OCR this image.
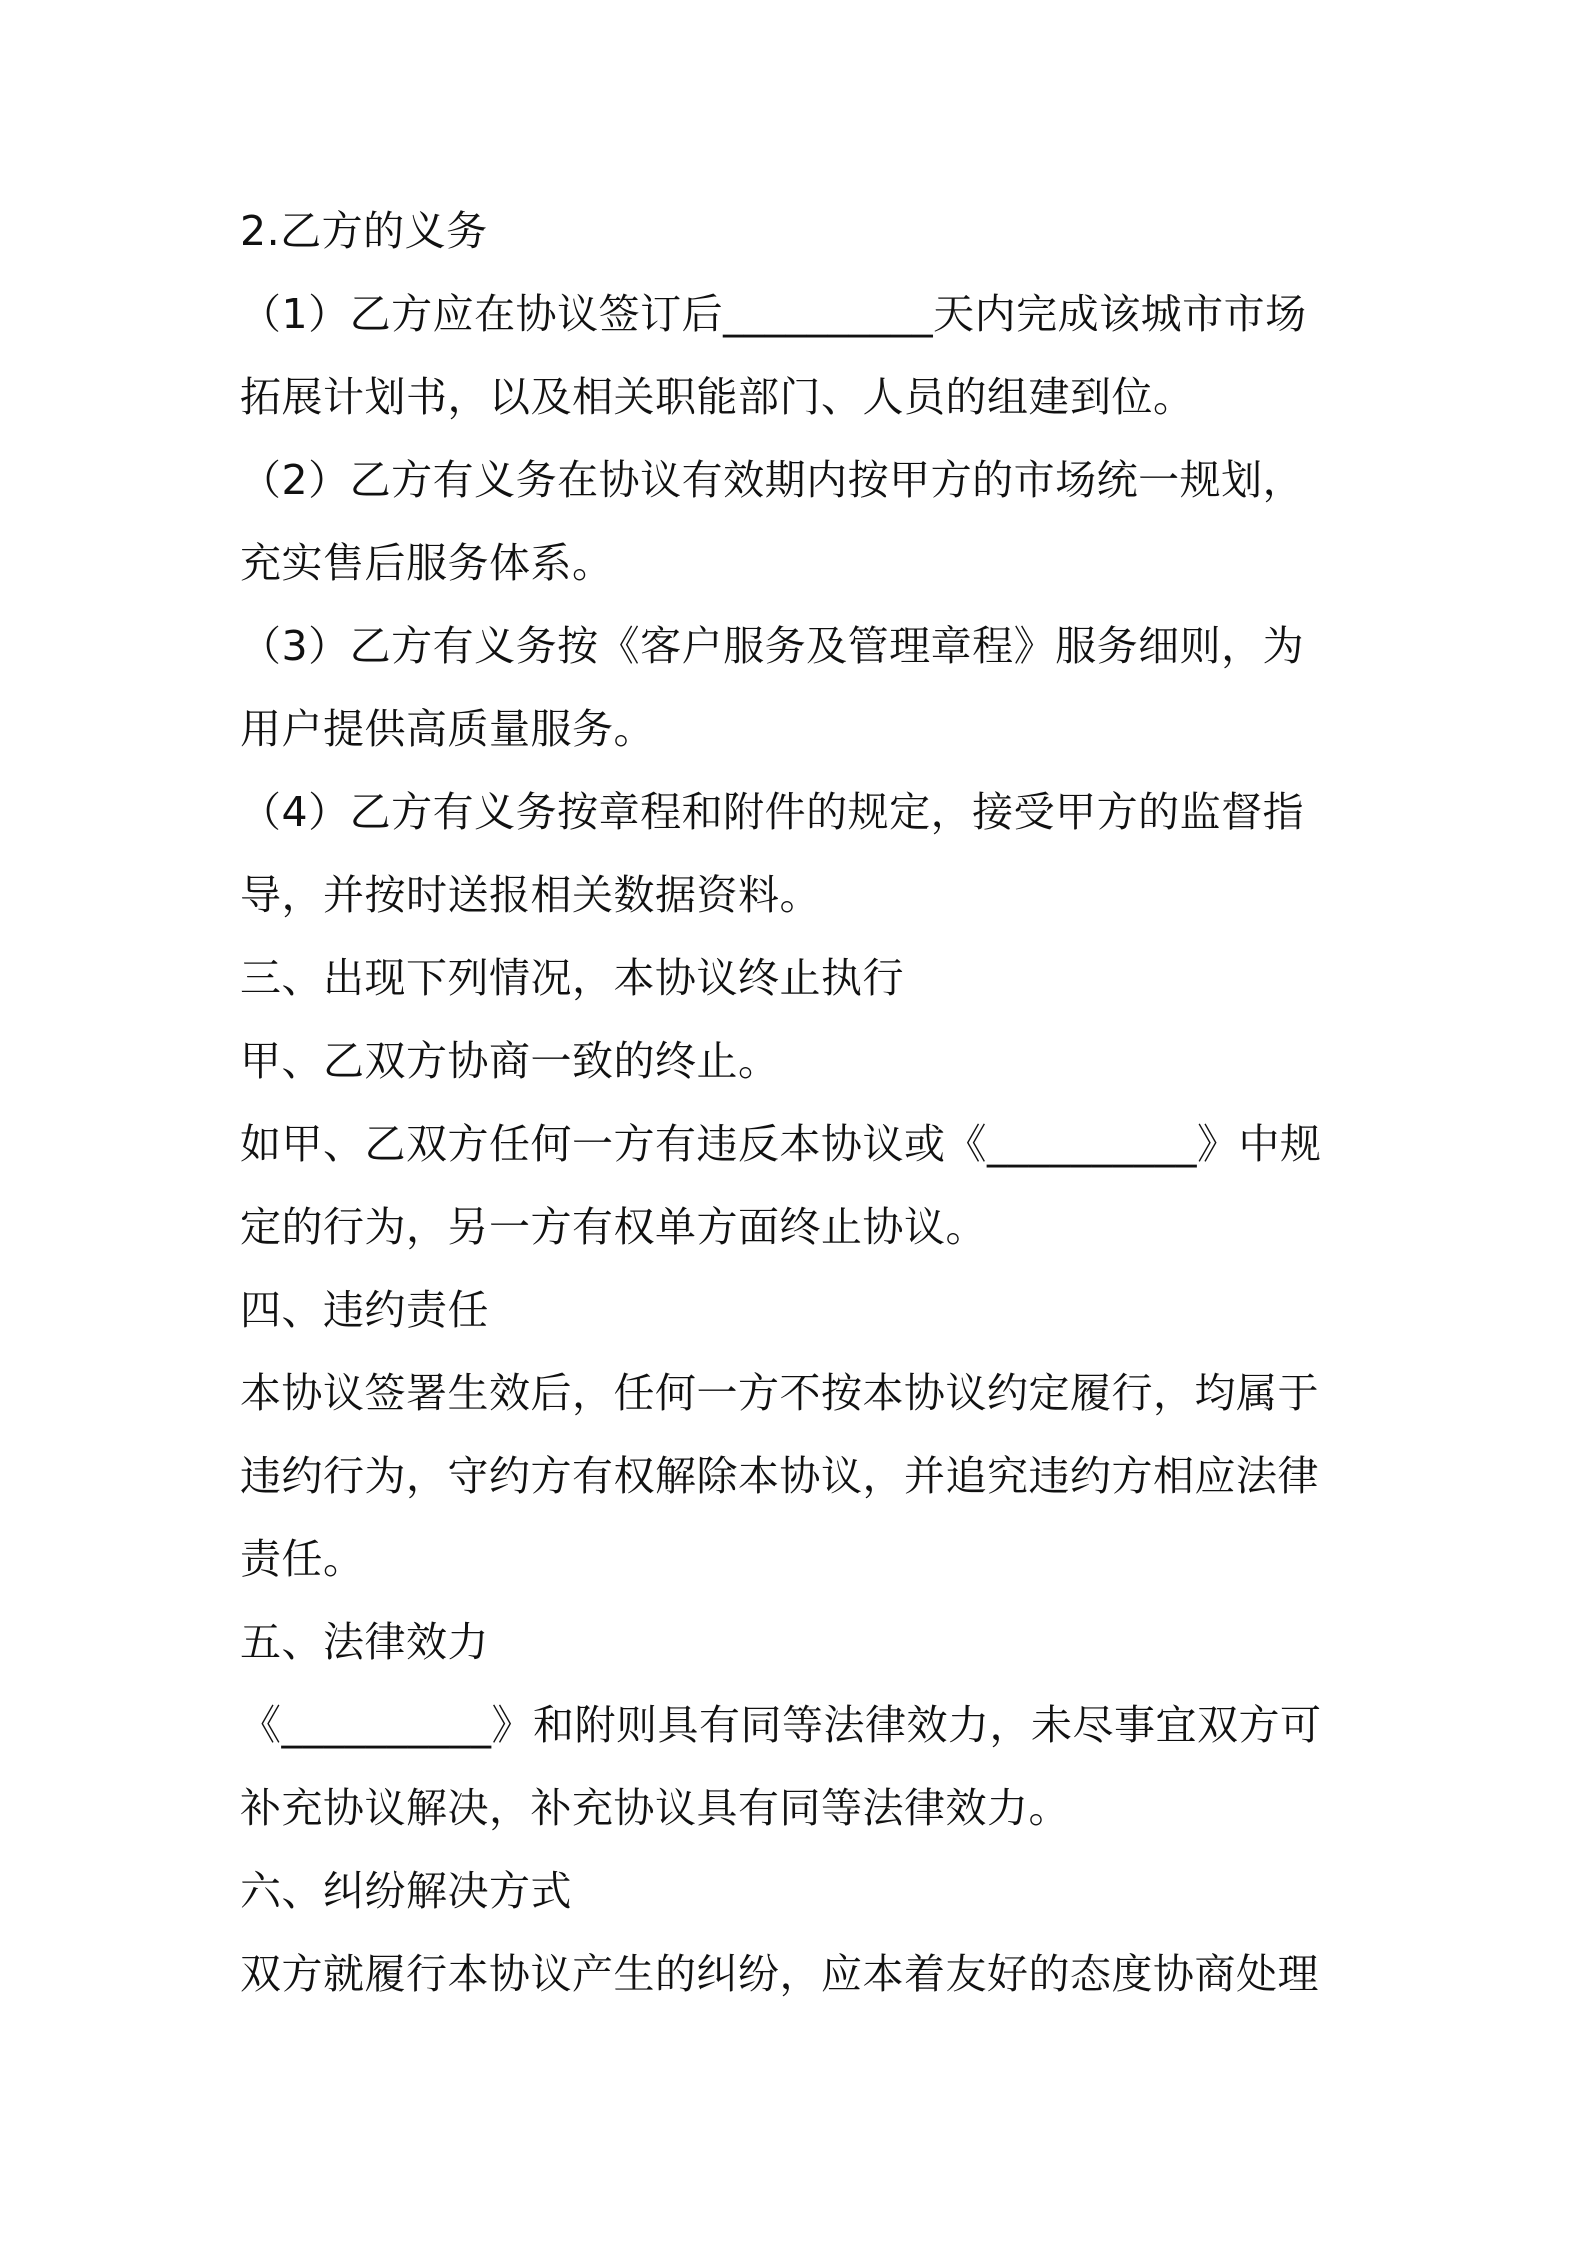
2.乙方的义务
（1）乙方应在协议签订后__________天内完成该城市市场
拓展计划书，以及相关职能部门、人员的组建到位。
（2）乙方有义务在协议有效期内按甲方的市场统一规划，
充实售后服务体系。
（3）乙方有义务按《客户服务及管理章程》服务细则，为
用户提供高质量服务。
（4）乙方有义务按章程和附件的规定，接受甲方的监督指
导，并按时送报相关数据资料。
三、出现下列情况，本协议终止执行
甲、乙双方协商一致的终止。
如甲、乙双方任何一方有违反本协议或《__________》中规
定的行为，另一方有权单方面终止协议。
四、违约责任
本协议签署生效后，任何一方不按本协议约定履行，均属于
违约行为，守约方有权解除本协议，并追究违约方相应法律
责任。
五、法律效力
《__________》和附则具有同等法律效力，未尽事宜双方可
补充协议解决，补充协议具有同等法律效力。
六、纠纷解决方式
双方就履行本协议产生的纠纷，应本着友好的态度协商处理
